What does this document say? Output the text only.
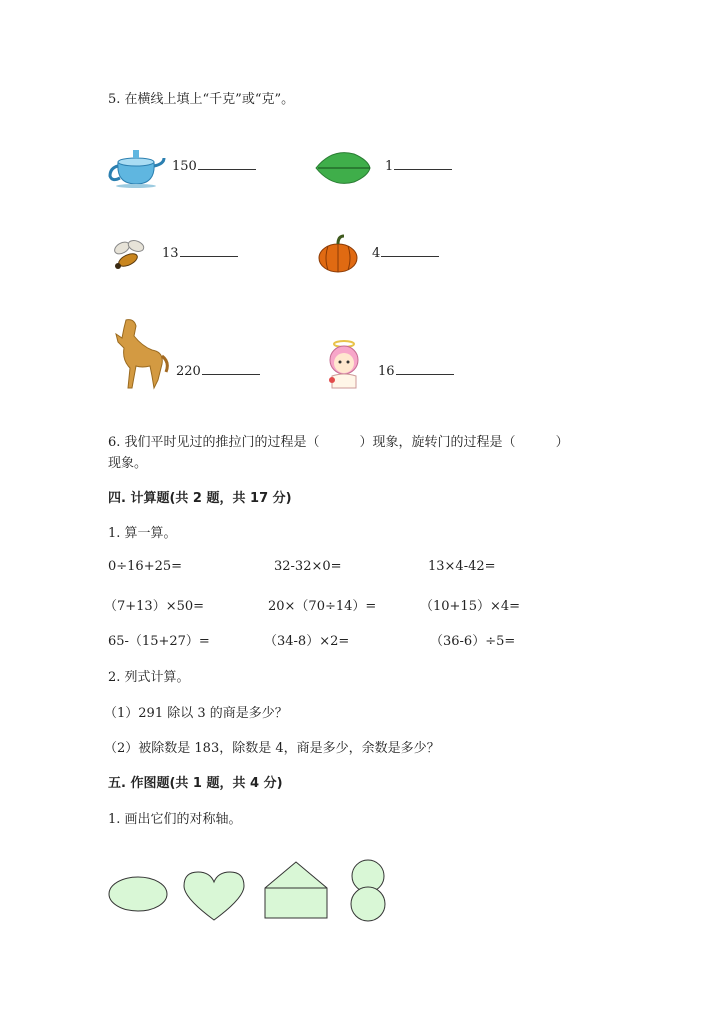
5. 在横线上填上“千克”或“克”。
150	1
13	4
220	16
6. 我们平时见过的推拉门的过程是（	）现象，旋转门的过程是（	）
现象。
四. 计算题(共 2 题，共 17 分)
1. 算一算。
0÷16+25=	32-32×0=	13×4-42=
（7+13）×50=	20×（70÷14）=	（10+15）×4=
65-（15+27）=	（34-8）×2=	（36-6）÷5=
2. 列式计算。
（1）291 除以 3 的商是多少？
（2）被除数是 183，除数是 4，商是多少，余数是多少？
五. 作图题(共 1 题，共 4 分)
1. 画出它们的对称轴。
